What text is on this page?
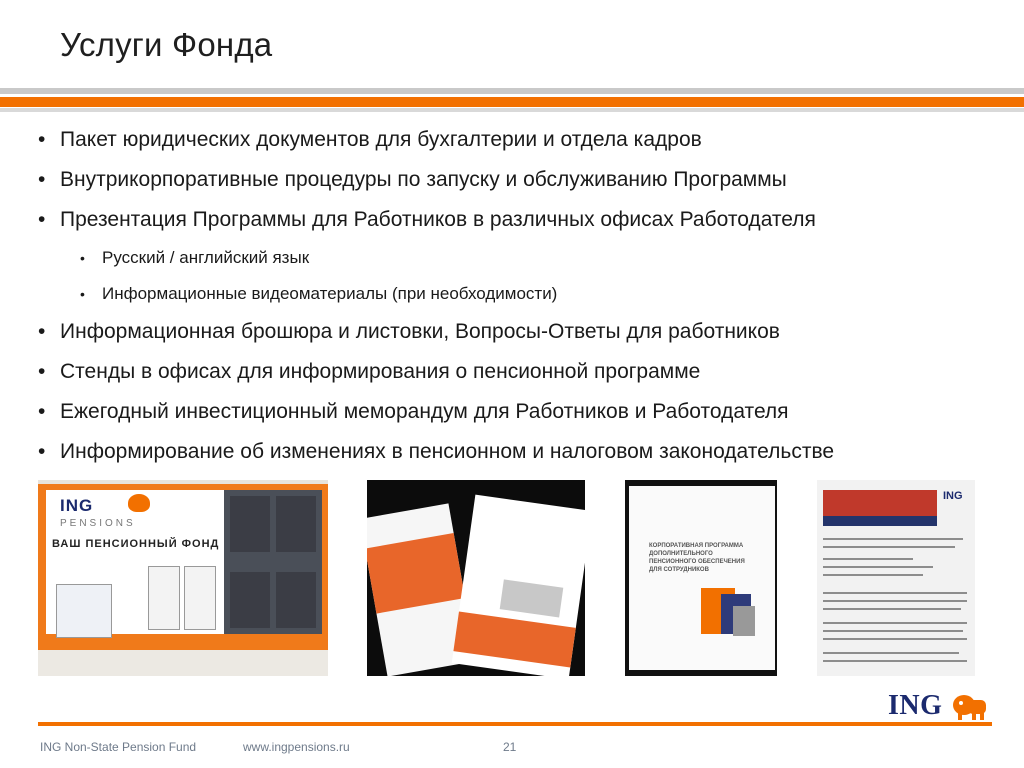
Услуги Фонда
• Пакет юридических документов для бухгалтерии и отдела кадров
• Внутрикорпоративные процедуры по запуску и обслуживанию Программы
• Презентация Программы для Работников в различных офисах Работодателя
•	Русский / английский язык
•	Информационные видеоматериалы (при необходимости)
• Информационная брошюра и листовки, Вопросы-Ответы для работников
• Стенды в офисах для информирования о пенсионной программе
• Ежегодный инвестиционный меморандум для Работников и Работодателя
• Информирование об изменениях в пенсионном и налоговом законодательстве
ING
PENSIONS
ВАШ ПЕНСИОННЫЙ ФОНД	КОРПОРАТИВНАЯ ПРОГРАММА ДОПОЛНИТЕЛЬНОГО ПЕНСИОННОГО ОБЕСПЕЧЕНИЯ ДЛЯ СОТРУДНИКОВ
ING
ING
ING Non-State Pension Fund	www.ingpensions.ru	21
